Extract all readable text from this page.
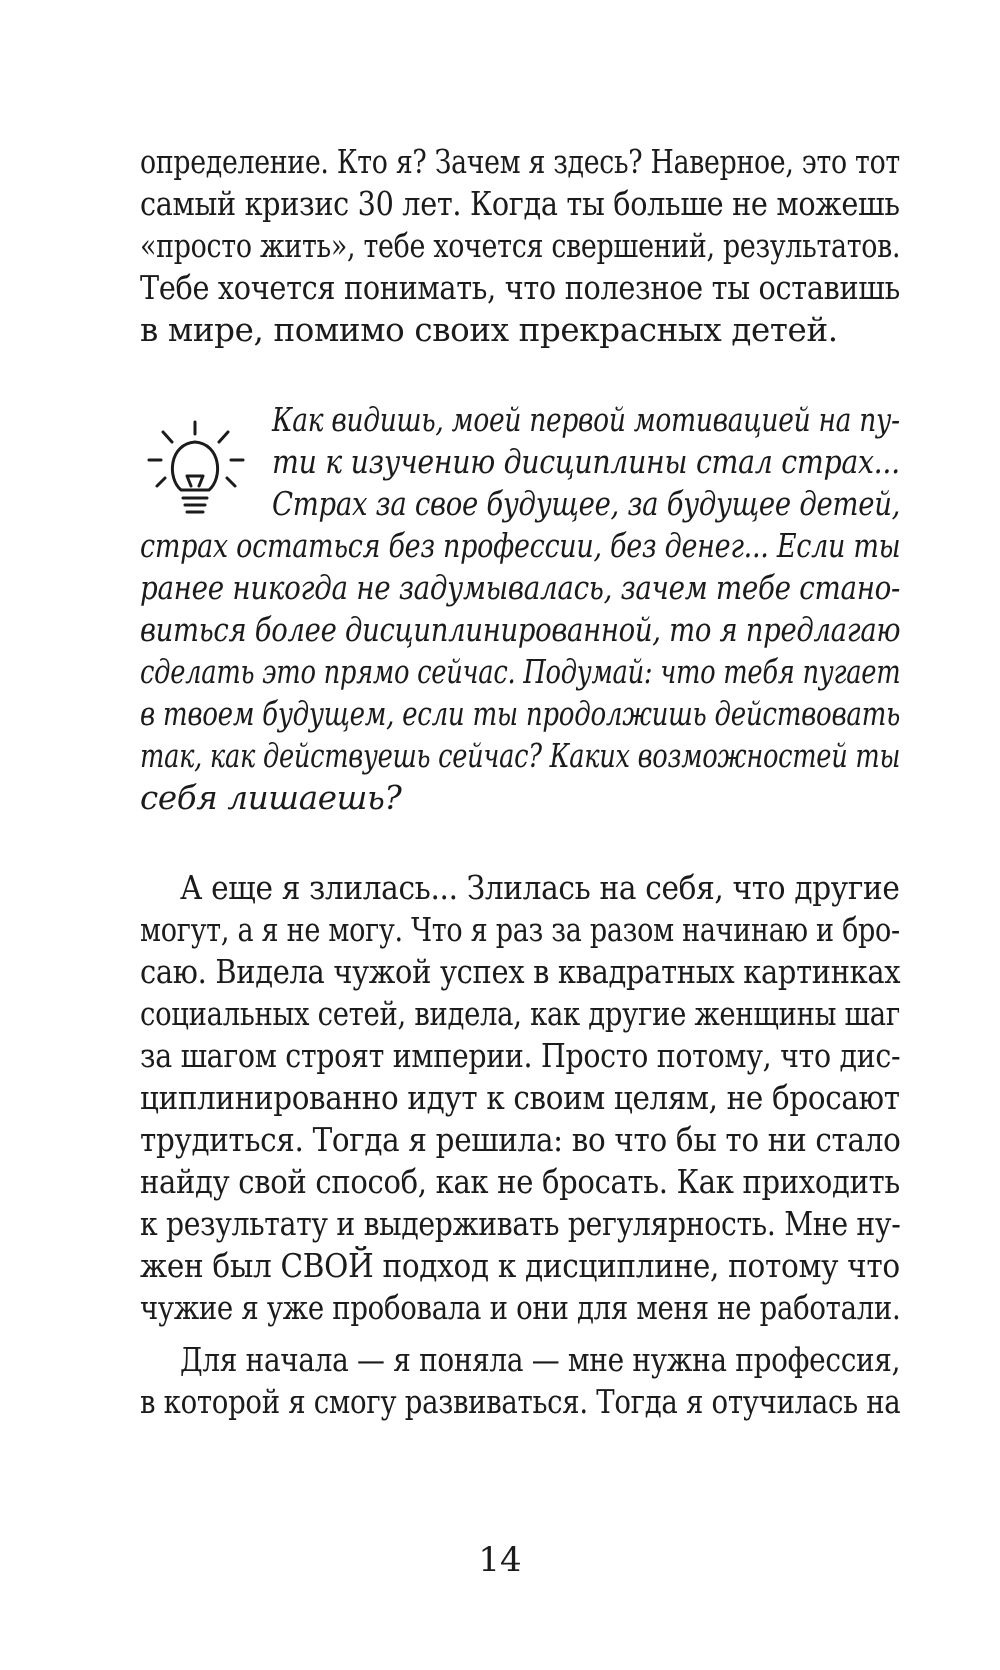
определение. Кто я? Зачем я здесь? Наверное, это тот
самый кризис 30 лет. Когда ты больше не можешь
«просто жить», тебе хочется свершений, результатов.
Тебе хочется понимать, что полезное ты оставишь
в мире, помимо своих прекрасных детей.
Как видишь, моей первой мотивацией на пу-
ти к изучению дисциплины стал страх...
Страх за свое будущее, за будущее детей,
страх остаться без профессии, без денег... Если ты
ранее никогда не задумывалась, зачем тебе стано-
виться более дисциплинированной, то я предлагаю
сделать это прямо сейчас. Подумай: что тебя пугает
в твоем будущем, если ты продолжишь действовать
так, как действуешь сейчас? Каких возможностей ты
себя лишаешь?
А еще я злилась... Злилась на себя, что другие
могут, а я не могу. Что я раз за разом начинаю и бро-
саю. Видела чужой успех в квадратных картинках
социальных сетей, видела, как другие женщины шаг
за шагом строят империи. Просто потому, что дис-
циплинированно идут к своим целям, не бросают
трудиться. Тогда я решила: во что бы то ни стало
найду свой способ, как не бросать. Как приходить
к результату и выдерживать регулярность. Мне ну-
жен был СВОЙ подход к дисциплине, потому что
чужие я уже пробовала и они для меня не работали.
Для начала — я поняла — мне нужна профессия,
в которой я смогу развиваться. Тогда я отучилась на
14
